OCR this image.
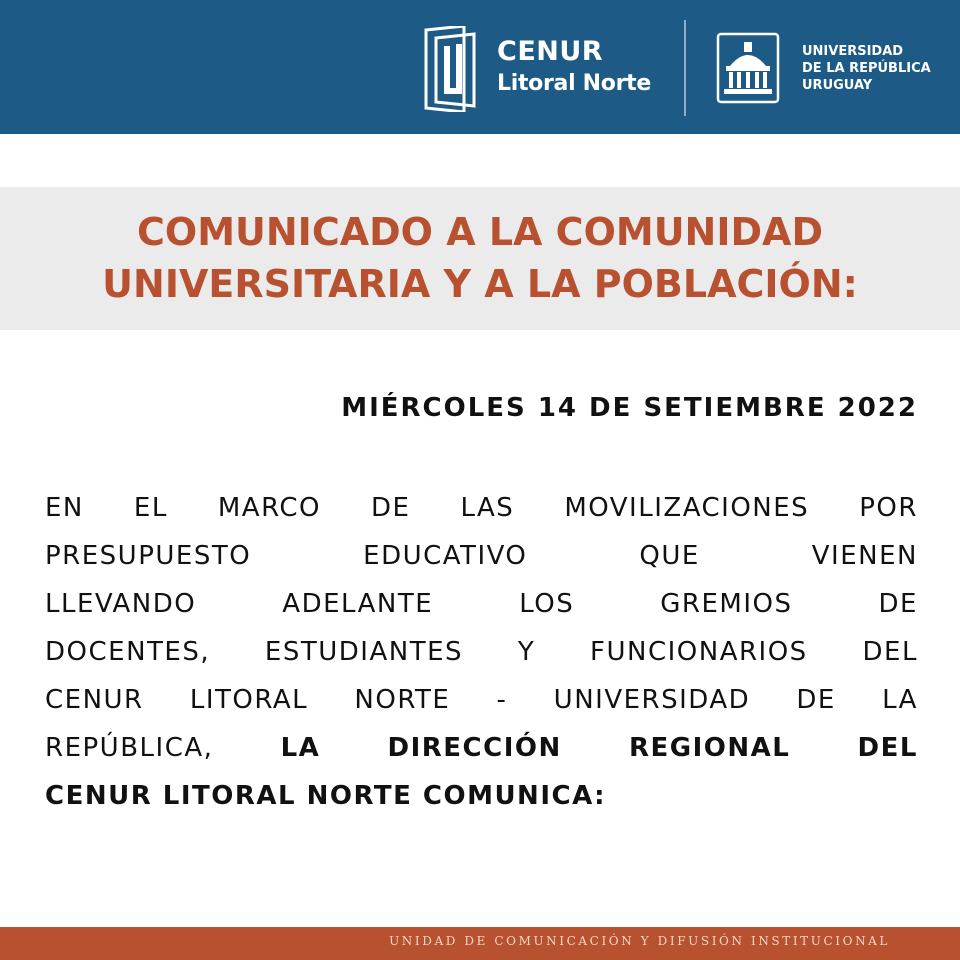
CENUR
Litoral Norte
UNIVERSIDAD
DE LA REPÚBLICA
URUGUAY
COMUNICADO A LA COMUNIDAD
UNIVERSITARIA Y A LA POBLACIÓN:
MIÉRCOLES 14 DE SETIEMBRE 2022
EN EL MARCO DE LAS MOVILIZACIONES POR
PRESUPUESTO	EDUCATIVO	QUE	VIENEN
LLEVANDO	ADELANTE	LOS	GREMIOS	DE
DOCENTES, ESTUDIANTES Y FUNCIONARIOS DEL
CENUR LITORAL NORTE - UNIVERSIDAD DE LA
REPÚBLICA,	LA	DIRECCIÓN	REGIONAL	DEL
CENUR LITORAL NORTE COMUNICA:
UNIDAD DE COMUNICACIÓN Y DIFUSIÓN INSTITUCIONAL
